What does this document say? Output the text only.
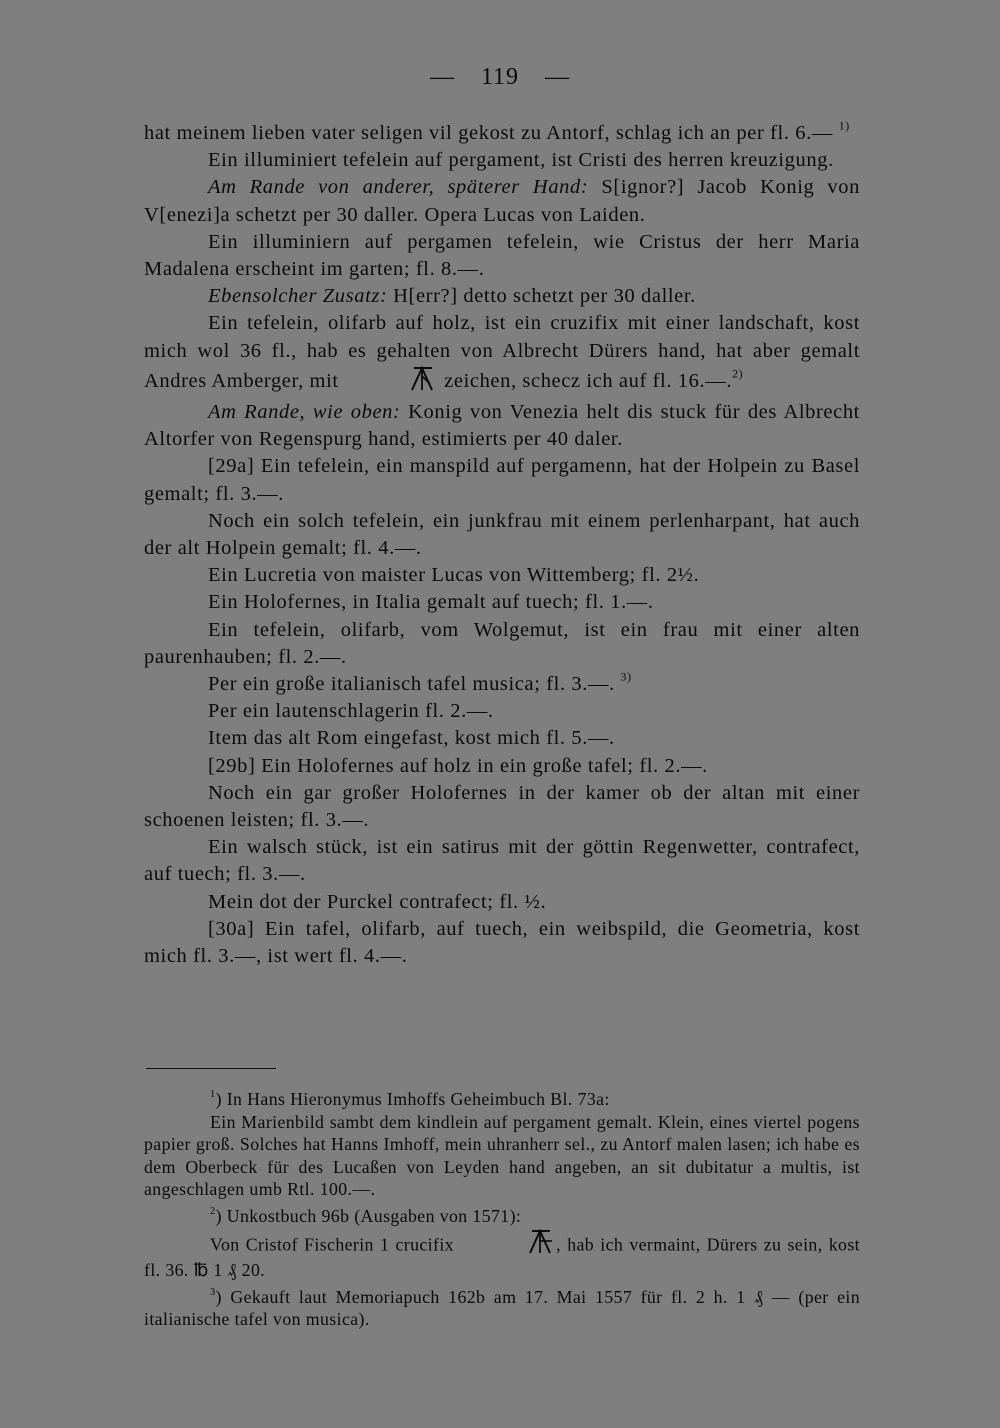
— 119 —

hat meinem lieben vater seligen vil gekost zu Antorf, schlag ich an per fl. 6.— $^{1)}$

Ein illuminiert tefelein auf pergament, ist Cristi des herren kreuzigung.

Am Rande von anderer, späterer Hand: S[ignor?] Jacob Konig von V[enezi]a schetzt per 30 daller. Opera Lucas von Laiden.

Ein illuminiern auf pergamen tefelein, wie Cristus der herr Maria Madalena erscheint im garten; fl. 8.—.

Ebensolcher Zusatz: H[err?] detto schetzt per 30 daller.

Ein tefelein, olifarb auf holz, ist ein cruzifix mit einer landschaft, kost mich wol 36 fl., hab es gehalten von Albrecht Dürers hand, hat aber gemalt Andres Amberger, mit	zeichen, schecz ich auf fl. 16.—.$^{2)}$

Am Rande, wie oben: Konig von Venezia helt dis stuck für des Albrecht Altorfer von Regenspurg hand, estimierts per 40 daler.

[29a] Ein tefelein, ein manspild auf pergamenn, hat der Holpein zu Basel gemalt; fl. 3.—.

Noch ein solch tefelein, ein junkfrau mit einem perlenharpant, hat auch der alt Holpein gemalt; fl. 4.—.

Ein Lucretia von maister Lucas von Wittemberg; fl. 2½.

Ein Holofernes, in Italia gemalt auf tuech; fl. 1.—.

Ein tefelein, olifarb, vom Wolgemut, ist ein frau mit einer alten paurenhauben; fl. 2.—.

Per ein große italianisch tafel musica; fl. 3.—. $^{3)}$

Per ein lautenschlagerin fl. 2.—.

Item das alt Rom eingefast, kost mich fl. 5.—.

[29b] Ein Holofernes auf holz in ein große tafel; fl. 2.—.

Noch ein gar großer Holofernes in der kamer ob der altan mit einer schoenen leisten; fl. 3.—.

Ein walsch stück, ist ein satirus mit der göttin Regenwetter, contrafect, auf tuech; fl. 3.—.

Mein dot der Purckel contrafect; fl. ½.

[30a] Ein tafel, olifarb, auf tuech, ein weibspild, die Geometria, kost mich fl. 3.—, ist wert fl. 4.—.

$^1$) In Hans Hieronymus Imhoffs Geheimbuch Bl. 73a:

Ein Marienbild sambt dem kindlein auf pergament gemalt. Klein, eines viertel pogens papier groß. Solches hat Hanns Imhoff, mein uhranherr sel., zu Antorf malen lasen; ich habe es dem Oberbeck für des Lucaßen von Leyden hand angeben, an sit dubitatur a multis, ist angeschlagen umb Rtl. 100.—.

$^2$) Unkostbuch 96b (Ausgaben von 1571):

Von Cristof Fischerin 1 crucifix	, hab ich vermaint, Dürers zu sein, kost fl. 36. ℔ 1 ₰ 20.

$^3$) Gekauft laut Memoriapuch 162b am 17. Mai 1557 für fl. 2 h. 1 ₰ — (per ein italianische tafel von musica).
